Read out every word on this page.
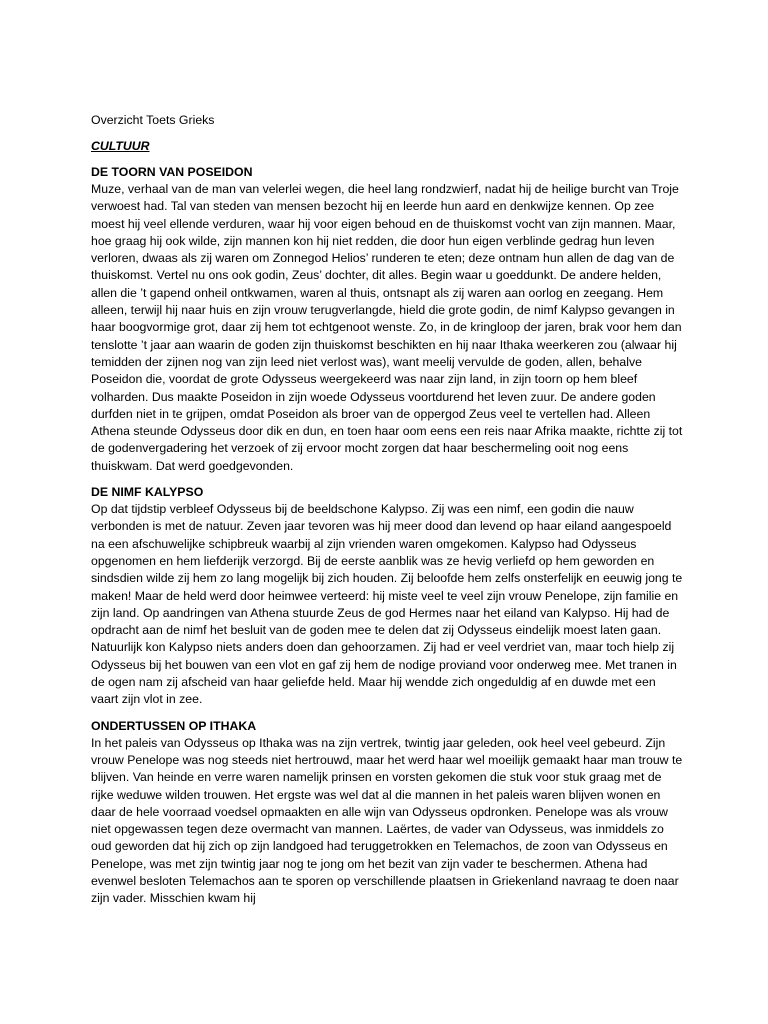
Overzicht Toets Grieks
CULTUUR
DE TOORN VAN POSEIDON

Muze, verhaal van de man van velerlei wegen, die heel lang rondzwierf, nadat hij de heilige burcht van Troje verwoest had. Tal van steden van mensen bezocht hij en leerde hun aard en denkwijze kennen. Op zee moest hij veel ellende verduren, waar hij voor eigen behoud en de thuiskomst vocht van zijn mannen. Maar, hoe graag hij ook wilde, zijn mannen kon hij niet redden, die door hun eigen verblinde gedrag hun leven verloren, dwaas als zij waren om Zonnegod Helios’ runderen te eten; deze ontnam hun allen de dag van de thuiskomst. Vertel nu ons ook godin, Zeus’ dochter, dit alles. Begin waar u goeddunkt. De andere helden, allen die ’t gapend onheil ontkwamen, waren al thuis, ontsnapt als zij waren aan oorlog en zeegang. Hem alleen, terwijl hij naar huis en zijn vrouw terugverlangde, hield die grote godin, de nimf Kalypso gevangen in haar boogvormige grot, daar zij hem tot echtgenoot wenste. Zo, in de kringloop der jaren, brak voor hem dan tenslotte ’t jaar aan waarin de goden zijn thuiskomst beschikten en hij naar Ithaka weerkeren zou (alwaar hij temidden der zijnen nog van zijn leed niet verlost was), want meelij vervulde de goden, allen, behalve Poseidon die, voordat de grote Odysseus weergekeerd was naar zijn land, in zijn toorn op hem bleef volharden. Dus maakte Poseidon in zijn woede Odysseus voortdurend het leven zuur. De andere goden durfden niet in te grijpen, omdat Poseidon als broer van de oppergod Zeus veel te vertellen had. Alleen Athena steunde Odysseus door dik en dun, en toen haar oom eens een reis naar Afrika maakte, richtte zij tot de godenvergadering het verzoek of zij ervoor mocht zorgen dat haar beschermeling ooit nog eens thuiskwam. Dat werd goedgevonden.

DE NIMF KALYPSO

Op dat tijdstip verbleef Odysseus bij de beeldschone Kalypso. Zij was een nimf, een godin die nauw verbonden is met de natuur. Zeven jaar tevoren was hij meer dood dan levend op haar eiland aangespoeld na een afschuwelijke schipbreuk waarbij al zijn vrienden waren omgekomen. Kalypso had Odysseus opgenomen en hem liefderijk verzorgd. Bij de eerste aanblik was ze hevig verliefd op hem geworden en sindsdien wilde zij hem zo lang mogelijk bij zich houden. Zij beloofde hem zelfs onsterfelijk en eeuwig jong te maken! Maar de held werd door heimwee verteerd: hij miste veel te veel zijn vrouw Penelope, zijn familie en zijn land. Op aandringen van Athena stuurde Zeus de god Hermes naar het eiland van Kalypso. Hij had de opdracht aan de nimf het besluit van de goden mee te delen dat zij Odysseus eindelijk moest laten gaan. Natuurlijk kon Kalypso niets anders doen dan gehoorzamen. Zij had er veel verdriet van, maar toch hielp zij Odysseus bij het bouwen van een vlot en gaf zij hem de nodige proviand voor onderweg mee. Met tranen in de ogen nam zij afscheid van haar geliefde held. Maar hij wendde zich ongeduldig af en duwde met een vaart zijn vlot in zee.

ONDERTUSSEN OP ITHAKA

In het paleis van Odysseus op Ithaka was na zijn vertrek, twintig jaar geleden, ook heel veel gebeurd. Zijn vrouw Penelope was nog steeds niet hertrouwd, maar het werd haar wel moeilijk gemaakt haar man trouw te blijven. Van heinde en verre waren namelijk prinsen en vorsten gekomen die stuk voor stuk graag met de rijke weduwe wilden trouwen. Het ergste was wel dat al die mannen in het paleis waren blijven wonen en daar de hele voorraad voedsel opmaakten en alle wijn van Odysseus opdronken. Penelope was als vrouw niet opgewassen tegen deze overmacht van mannen. Laërtes, de vader van Odysseus, was inmiddels zo oud geworden dat hij zich op zijn landgoed had teruggetrokken en Telemachos, de zoon van Odysseus en Penelope, was met zijn twintig jaar nog te jong om het bezit van zijn vader te beschermen. Athena had evenwel besloten Telemachos aan te sporen op verschillende plaatsen in Griekenland navraag te doen naar zijn vader. Misschien kwam hij
